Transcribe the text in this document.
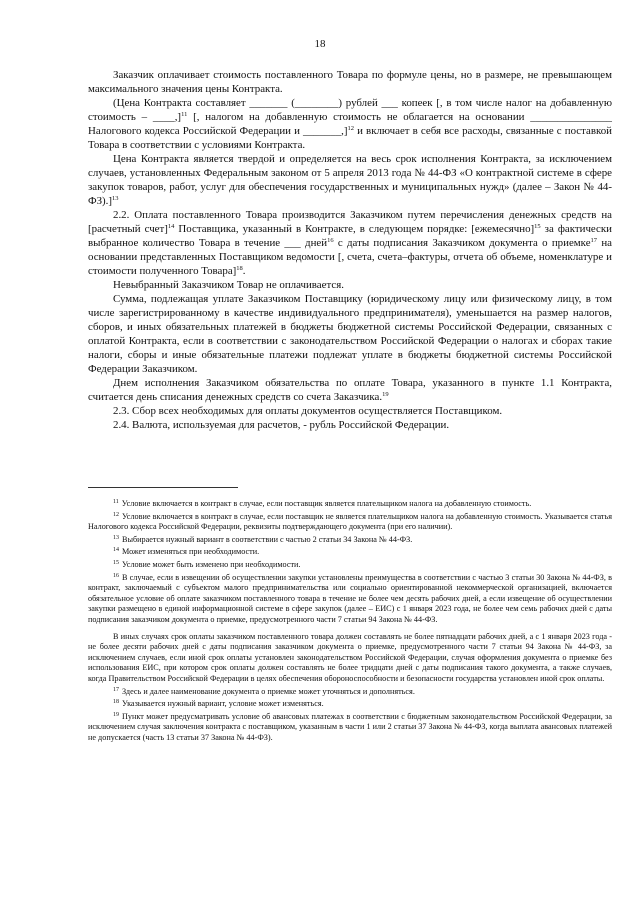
18

Заказчик оплачивает стоимость поставленного Товара по формуле цены, но в размере, не превышающем максимального значения цены Контракта.

(Цена Контракта составляет _______ (________) рублей ___ копеек [, в том числе налог на добавленную стоимость – ____,]$^{11}$ [, налогом на добавленную стоимость не облагается на основании _______________ Налогового кодекса Российской Федерации и _______,]$^{12}$ и включает в себя все расходы, связанные с поставкой Товара в соответствии с условиями Контракта.

Цена Контракта является твердой и определяется на весь срок исполнения Контракта, за исключением случаев, установленных Федеральным законом от 5 апреля 2013 года № 44-ФЗ «О контрактной системе в сфере закупок товаров, работ, услуг для обеспечения государственных и муниципальных нужд» (далее – Закон № 44-ФЗ).]$^{13}$

2.2. Оплата поставленного Товара производится Заказчиком путем перечисления денежных средств на [расчетный счет]$^{14}$ Поставщика, указанный в Контракте, в следующем порядке: [ежемесячно]$^{15}$ за фактически выбранное количество Товара в течение ___ дней$^{16}$ с даты подписания Заказчиком документа о приемке$^{17}$ на основании представленных Поставщиком ведомости [, счета, счета–фактуры, отчета об объеме, номенклатуре и стоимости полученного Товара]$^{18}$.

Невыбранный Заказчиком Товар не оплачивается.

Сумма, подлежащая уплате Заказчиком Поставщику (юридическому лицу или физическому лицу, в том числе зарегистрированному в качестве индивидуального предпринимателя), уменьшается на размер налогов, сборов, и иных обязательных платежей в бюджеты бюджетной системы Российской Федерации, связанных с оплатой Контракта, если в соответствии с законодательством Российской Федерации о налогах и сборах такие налоги, сборы и иные обязательные платежи подлежат уплате в бюджеты бюджетной системы Российской Федерации Заказчиком.

Днем исполнения Заказчиком обязательства по оплате Товара, указанного в пункте 1.1 Контракта, считается день списания денежных средств со счета Заказчика.$^{19}$

2.3. Сбор всех необходимых для оплаты документов осуществляется Поставщиком.

2.4. Валюта, используемая для расчетов, - рубль Российской Федерации.

$^{11}$ Условие включается в контракт в случае, если поставщик является плательщиком налога на добавленную стоимость.

$^{12}$ Условие включается в контракт в случае, если поставщик не является плательщиком налога на добавленную стоимость. Указывается статья Налогового кодекса Российской Федерации, реквизиты подтверждающего документа (при его наличии).

$^{13}$ Выбирается нужный вариант в соответствии с частью 2 статьи 34 Закона № 44-ФЗ.

$^{14}$ Может изменяться при необходимости.

$^{15}$ Условие может быть изменено при необходимости.

$^{16}$ В случае, если в извещении об осуществлении закупки установлены преимущества в соответствии с частью 3 статьи 30 Закона № 44-ФЗ, в контракт, заключаемый с субъектом малого предпринимательства или социально ориентированной некоммерческой организацией, включается обязательное условие об оплате заказчиком поставленного товара в течение не более чем десять рабочих дней, а если извещение об осуществлении закупки размещено в единой информационной системе в сфере закупок (далее – ЕИС) с 1 января 2023 года, не более чем семь рабочих дней с даты подписания заказчиком документа о приемке, предусмотренного части 7 статьи 94 Закона № 44-ФЗ.

В иных случаях срок оплаты заказчиком поставленного товара должен составлять не более пятнадцати рабочих дней, а с 1 января 2023 года - не более десяти рабочих дней с даты подписания заказчиком документа о приемке, предусмотренного части 7 статьи 94 Закона № 44-ФЗ, за исключением случаев, если иной срок оплаты установлен законодательством Российской Федерации, случая оформления документа о приемке без использования ЕИС, при котором срок оплаты должен составлять не более тридцати дней с даты подписания такого документа, а также случаев, когда Правительством Российской Федерации в целях обеспечения обороноспособности и безопасности государства установлен иной срок оплаты.

$^{17}$ Здесь и далее наименование документа о приемке может уточняться и дополняться.

$^{18}$ Указывается нужный вариант, условие может изменяться.

$^{19}$ Пункт может предусматривать условие об авансовых платежах в соответствии с бюджетным законодательством Российской Федерации, за исключением случая заключения контракта с поставщиком, указанным в части 1 или 2 статьи 37 Закона № 44-ФЗ, когда выплата авансовых платежей не допускается (часть 13 статьи 37 Закона № 44-ФЗ).
